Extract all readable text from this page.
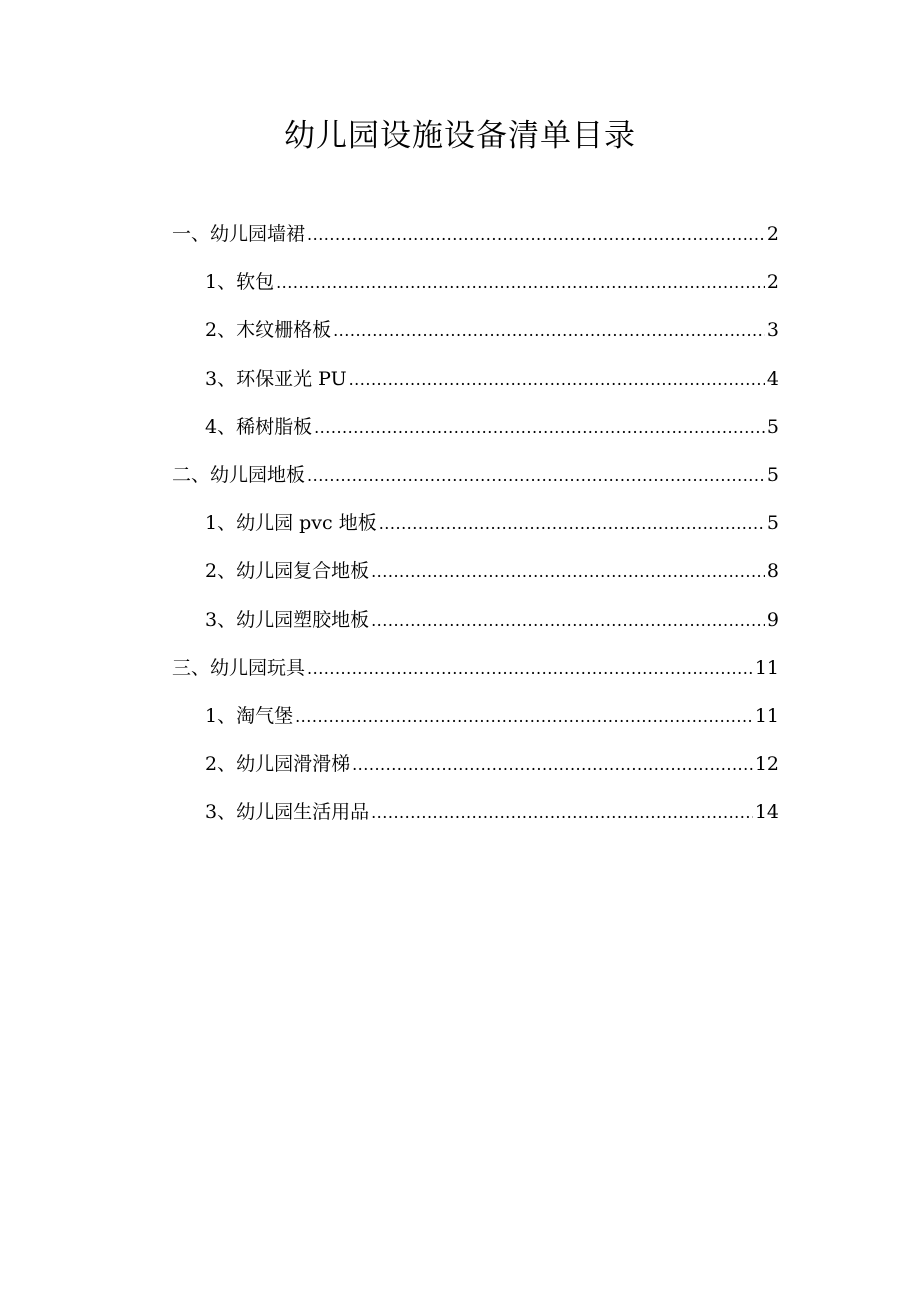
幼儿园设施设备清单目录
一、幼儿园墙裙 .....	2
1、软包 .....	2
2、木纹栅格板 .....	3
3、环保亚光 PU .....	4
4、稀树脂板 .....	5
二、幼儿园地板 .....	5
1、幼儿园 pvc 地板 .....	5
2、幼儿园复合地板 .....	8
3、幼儿园塑胶地板 .....	9
三、幼儿园玩具 .....	11
1、淘气堡 .....	11
2、幼儿园滑滑梯 .....	12
3、幼儿园生活用品 .....	14
